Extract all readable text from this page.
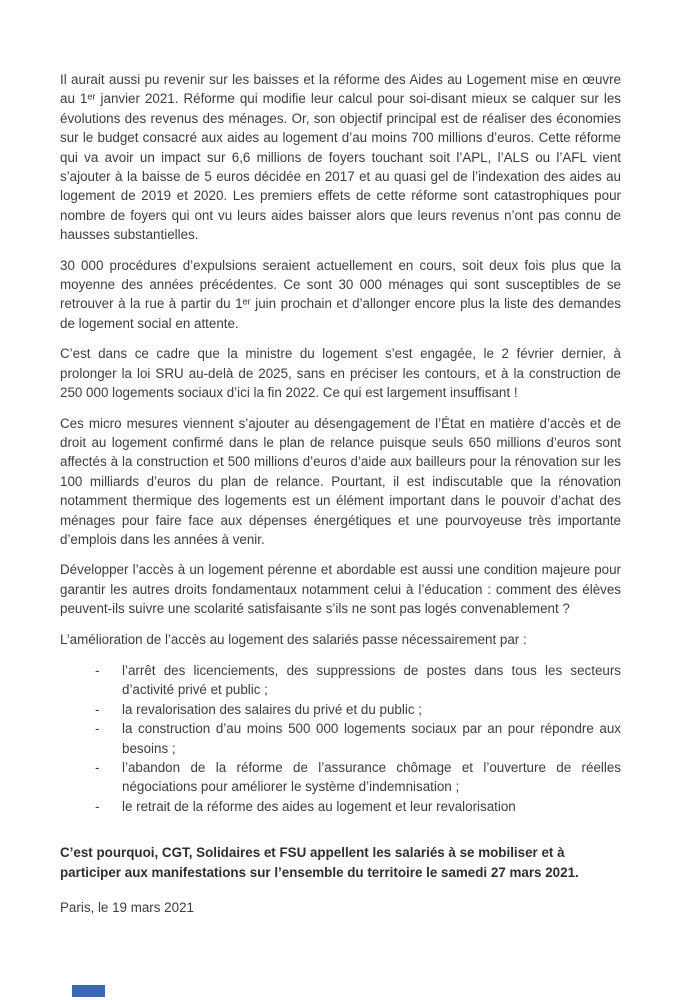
Il aurait aussi pu revenir sur les baisses et la réforme des Aides au Logement mise en œuvre au 1ᵉʳ janvier 2021. Réforme qui modifie leur calcul pour soi-disant mieux se calquer sur les évolutions des revenus des ménages. Or, son objectif principal est de réaliser des économies sur le budget consacré aux aides au logement d’au moins 700 millions d’euros. Cette réforme qui va avoir un impact sur 6,6 millions de foyers touchant soit l’APL, l’ALS ou l’AFL vient s’ajouter à la baisse de 5 euros décidée en 2017 et au quasi gel de l’indexation des aides au logement de 2019 et 2020. Les premiers effets de cette réforme sont catastrophiques pour nombre de foyers qui ont vu leurs aides baisser alors que leurs revenus n’ont pas connu de hausses substantielles.

30 000 procédures d’expulsions seraient actuellement en cours, soit deux fois plus que la moyenne des années précédentes. Ce sont 30 000 ménages qui sont susceptibles de se retrouver à la rue à partir du 1ᵉʳ juin prochain et d’allonger encore plus la liste des demandes de logement social en attente.

C’est dans ce cadre que la ministre du logement s’est engagée, le 2 février dernier, à prolonger la loi SRU au-delà de 2025, sans en préciser les contours, et à la construction de 250 000 logements sociaux d’ici la fin 2022. Ce qui est largement insuffisant !

Ces micro mesures viennent s’ajouter au désengagement de l’État en matière d’accès et de droit au logement confirmé dans le plan de relance puisque seuls 650 millions d’euros sont affectés à la construction et 500 millions d’euros d’aide aux bailleurs pour la rénovation sur les 100 milliards d’euros du plan de relance. Pourtant, il est indiscutable que la rénovation notamment thermique des logements est un élément important dans le pouvoir d’achat des ménages pour faire face aux dépenses énergétiques et une pourvoyeuse très importante d’emplois dans les années à venir.

Développer l’accès à un logement pérenne et abordable est aussi une condition majeure pour garantir les autres droits fondamentaux notamment celui à l’éducation : comment des élèves peuvent-ils suivre une scolarité satisfaisante s’ils ne sont pas logés convenablement ?

L’amélioration de l’accès au logement des salariés passe nécessairement par :

-	l’arrêt des licenciements, des suppressions de postes dans tous les secteurs d’activité privé et public ;
-	la revalorisation des salaires du privé et du public ;
-	la construction d’au moins 500 000 logements sociaux par an pour répondre aux besoins ;
-	l’abandon de la réforme de l’assurance chômage et l’ouverture de réelles négociations pour améliorer le système d’indemnisation ;
-	le retrait de la réforme des aides au logement et leur revalorisation

C’est pourquoi, CGT, Solidaires et FSU appellent les salariés à se mobiliser et à participer aux manifestations sur l’ensemble du territoire le samedi 27 mars 2021.

Paris, le 19 mars 2021
